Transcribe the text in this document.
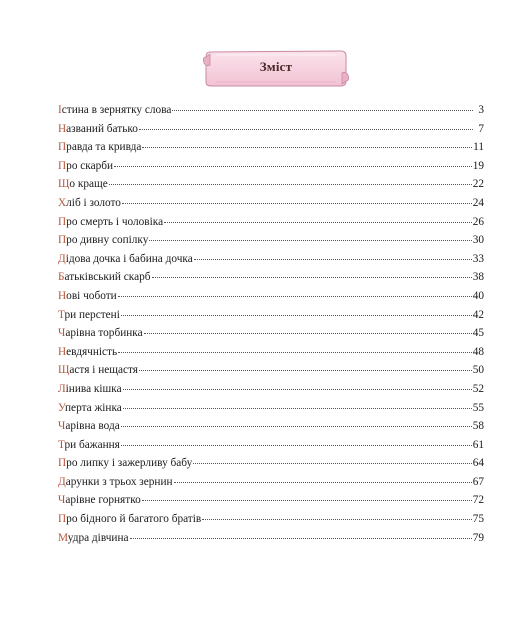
Зміст
Істина в зернятку слова	3
Названий батько	7
Правда та кривда	11
Про скарби	19
Що краще	22
Хліб і золото	24
Про смерть і чоловіка	26
Про дивну сопілку	30
Дідова дочка і бабина дочка	33
Батьківський скарб	38
Нові чоботи	40
Три перстені	42
Чарівна торбинка	45
Невдячність	48
Щастя і нещастя	50
Лінива кішка	52
Уперта жінка	55
Чарівна вода	58
Три бажання	61
Про липку і зажерливу бабу	64
Дарунки з трьох зернин	67
Чарівне горнятко	72
Про бідного й багатого братів	75
Мудра дівчина	79
